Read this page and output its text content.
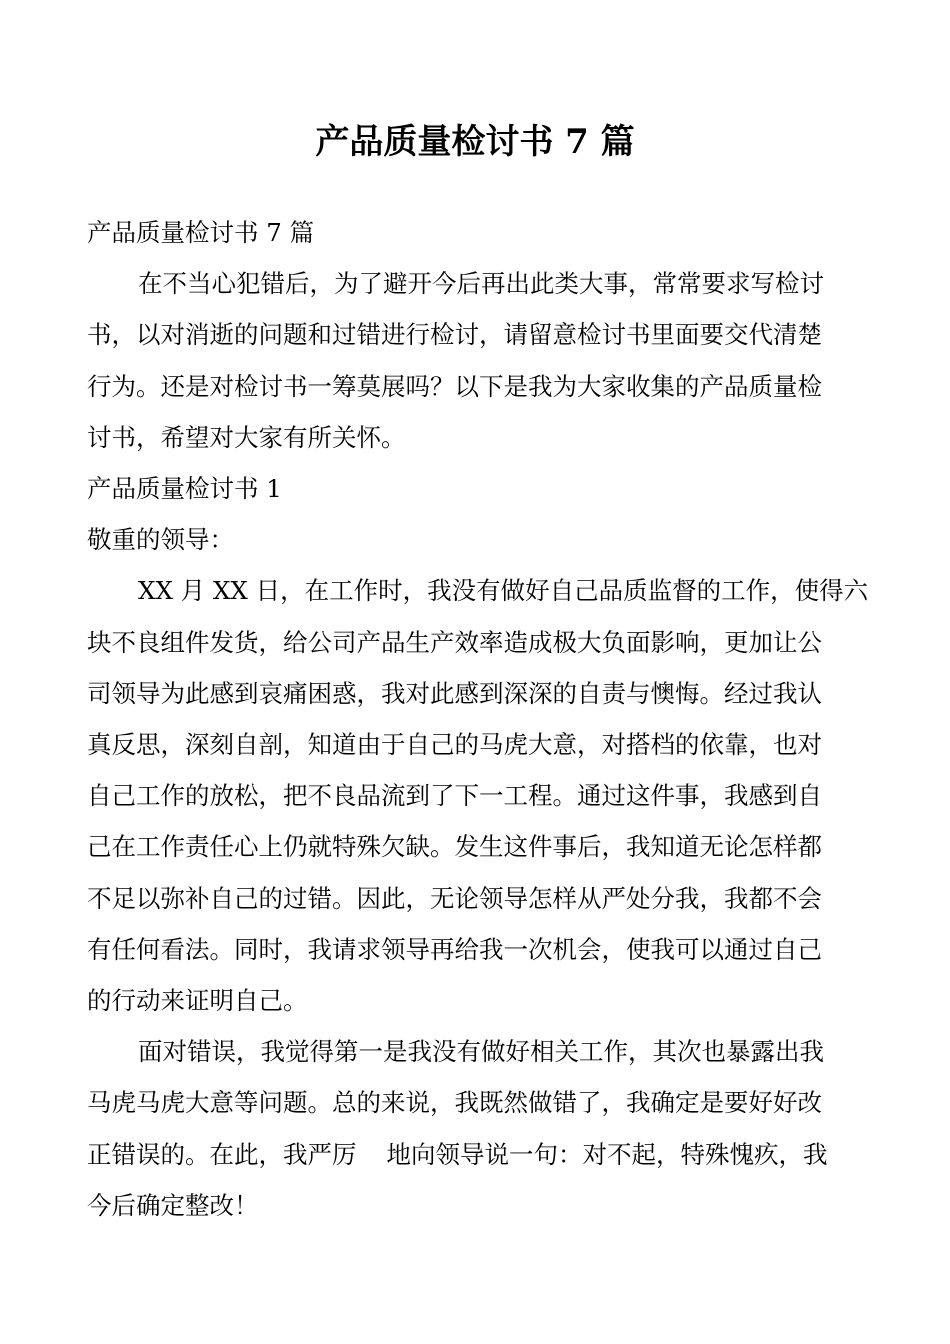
产品质量检讨书 7 篇

产品质量检讨书 7 篇

在不当心犯错后，为了避开今后再出此类大事，常常要求写检讨

书，以对消逝的问题和过错进行检讨，请留意检讨书里面要交代清楚

行为。还是对检讨书一筹莫展吗？以下是我为大家收集的产品质量检

讨书，希望对大家有所关怀。

产品质量检讨书 1

敬重的领导：

XX 月 XX 日，在工作时，我没有做好自己品质监督的工作，使得六

块不良组件发货，给公司产品生产效率造成极大负面影响，更加让公

司领导为此感到哀痛困惑，我对此感到深深的自责与懊悔。经过我认

真反思，深刻自剖，知道由于自己的马虎大意，对搭档的依靠，也对

自己工作的放松，把不良品流到了下一工程。通过这件事，我感到自

己在工作责任心上仍就特殊欠缺。发生这件事后，我知道无论怎样都

不足以弥补自己的过错。因此，无论领导怎样从严处分我，我都不会

有任何看法。同时，我请求领导再给我一次机会，使我可以通过自己

的行动来证明自己。

面对错误，我觉得第一是我没有做好相关工作，其次也暴露出我

马虎马虎大意等问题。总的来说，我既然做错了，我确定是要好好改

正错误的。在此，我严厉 地向领导说一句：对不起，特殊愧疚，我

今后确定整改！
